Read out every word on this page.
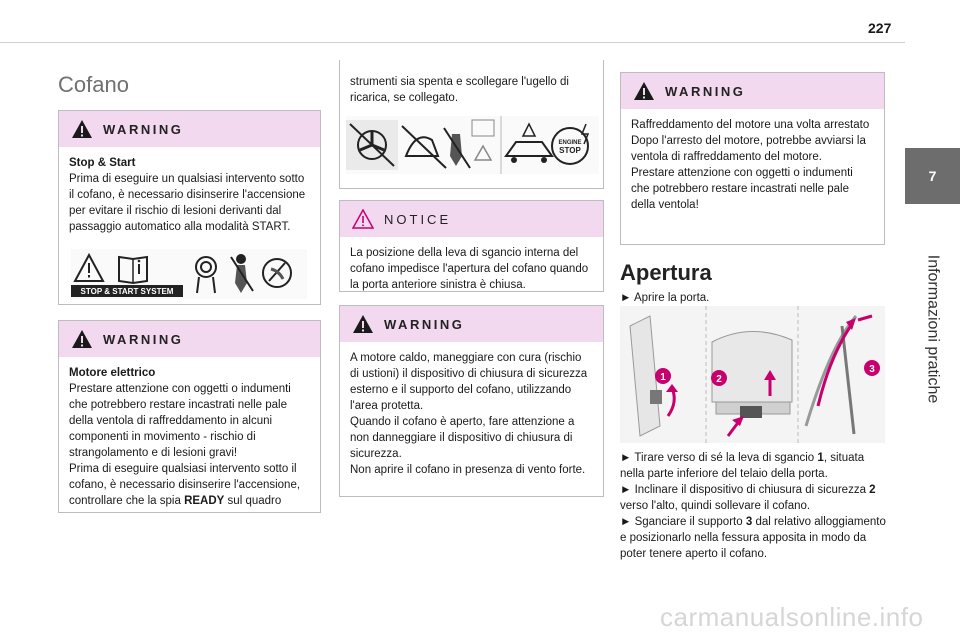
227
7
Informazioni pratiche
Cofano
WARNING
Stop & Start
Prima di eseguire un qualsiasi intervento sotto il cofano, è necessario disinserire l'accensione per evitare il rischio di lesioni derivanti dal passaggio automatico alla modalità START.
STOP & START SYSTEM
WARNING
Motore elettrico
Prestare attenzione con oggetti o indumenti che potrebbero restare incastrati nelle pale della ventola di raffreddamento in alcuni componenti in movimento - rischio di strangolamento e di lesioni gravi!
Prima di eseguire qualsiasi intervento sotto il cofano, è necessario disinserire l'accensione, controllare che la spia READY sul quadro
strumenti sia spenta e scollegare l'ugello di ricarica, se collegato.
ENGINE
STOP
NOTICE
La posizione della leva di sgancio interna del cofano impedisce l'apertura del cofano quando la porta anteriore sinistra è chiusa.
WARNING
A motore caldo, maneggiare con cura (rischio di ustioni) il dispositivo di chiusura di sicurezza esterno e il supporto del cofano, utilizzando l'area protetta.
Quando il cofano è aperto, fare attenzione a non danneggiare il dispositivo di chiusura di sicurezza.
Non aprire il cofano in presenza di vento forte.
WARNING
Raffreddamento del motore una volta arrestato
Dopo l'arresto del motore, potrebbe avviarsi la ventola di raffreddamento del motore.
Prestare attenzione con oggetti o indumenti che potrebbero restare incastrati nelle pale della ventola!
Apertura
► Aprire la porta.
1	2
3
► Tirare verso di sé la leva di sgancio 1, situata nella parte inferiore del telaio della porta.
► Inclinare il dispositivo di chiusura di sicurezza 2 verso l'alto, quindi sollevare il cofano.
► Sganciare il supporto 3 dal relativo alloggiamento e posizionarlo nella fessura apposita in modo da poter tenere aperto il cofano.
carmanualsonline.info
